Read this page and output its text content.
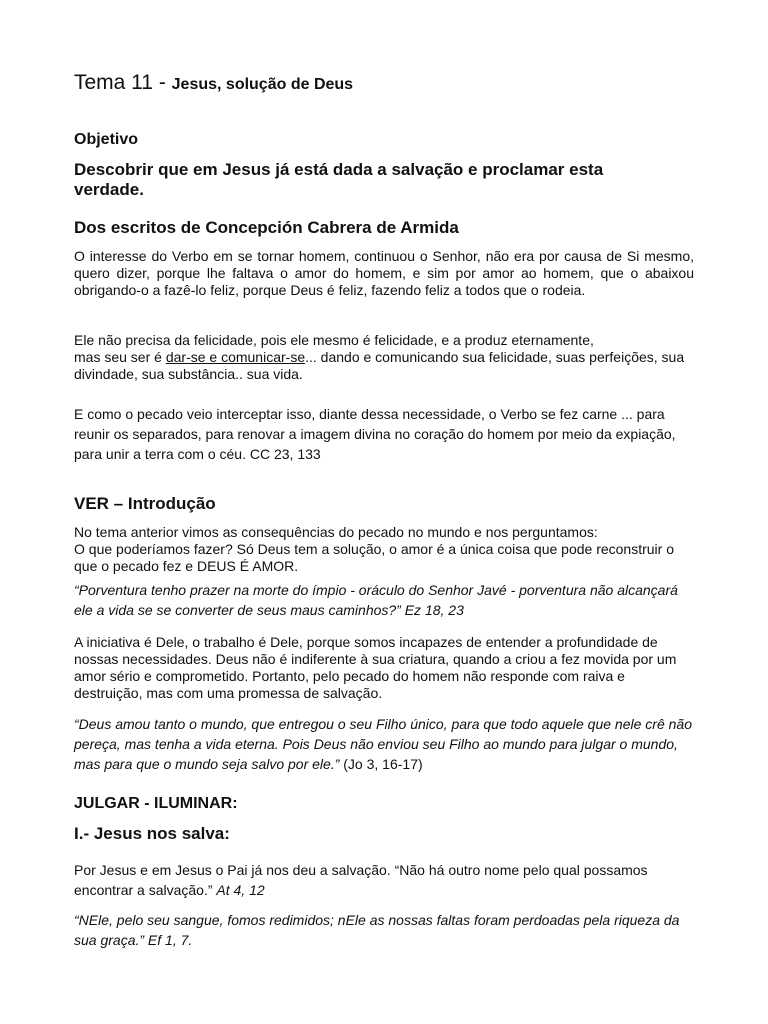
Tema 11 - Jesus, solução de Deus
Objetivo
Descobrir que em Jesus já está dada a salvação e proclamar esta verdade.
Dos escritos de Concepción Cabrera de Armida

O interesse do Verbo em se tornar homem, continuou o Senhor, não era por causa de Si mesmo, quero dizer, porque lhe faltava o amor do homem, e sim por amor ao homem, que o abaixou obrigando-o a fazê-lo feliz, porque Deus é feliz, fazendo feliz a todos que o rodeia.

Ele não precisa da felicidade, pois ele mesmo é felicidade, e a produz eternamente,
mas seu ser é dar-se e comunicar-se... dando e comunicando sua felicidade, suas perfeições, sua divindade, sua substância.. sua vida.

E como o pecado veio interceptar isso, diante dessa necessidade, o Verbo se fez carne ... para reunir os separados, para renovar a imagem divina no coração do homem por meio da expiação, para unir a terra com o céu. CC 23, 133

VER – Introdução

No tema anterior vimos as consequências do pecado no mundo e nos perguntamos:
O que poderíamos fazer? Só Deus tem a solução, o amor é a única coisa que pode reconstruir o que o pecado fez e DEUS É AMOR.

“Porventura tenho prazer na morte do ímpio - oráculo do Senhor Javé - porventura não alcançará ele a vida se se converter de seus maus caminhos?” Ez 18, 23

A iniciativa é Dele, o trabalho é Dele, porque somos incapazes de entender a profundidade de nossas necessidades. Deus não é indiferente à sua criatura, quando a criou a fez movida por um amor sério e comprometido. Portanto, pelo pecado do homem não responde com raiva e destruição, mas com uma promessa de salvação.

“Deus amou tanto o mundo, que entregou o seu Filho único, para que todo aquele que nele crê não pereça, mas tenha a vida eterna. Pois Deus não enviou seu Filho ao mundo para julgar o mundo, mas para que o mundo seja salvo por ele.” (Jo 3, 16-17)

JULGAR - ILUMINAR:
I.- Jesus nos salva:

Por Jesus e em Jesus o Pai já nos deu a salvação. “Não há outro nome pelo qual possamos encontrar a salvação.” At 4, 12

“NEle, pelo seu sangue, fomos redimidos; nEle as nossas faltas foram perdoadas pela riqueza da sua graça.” Ef 1, 7.
